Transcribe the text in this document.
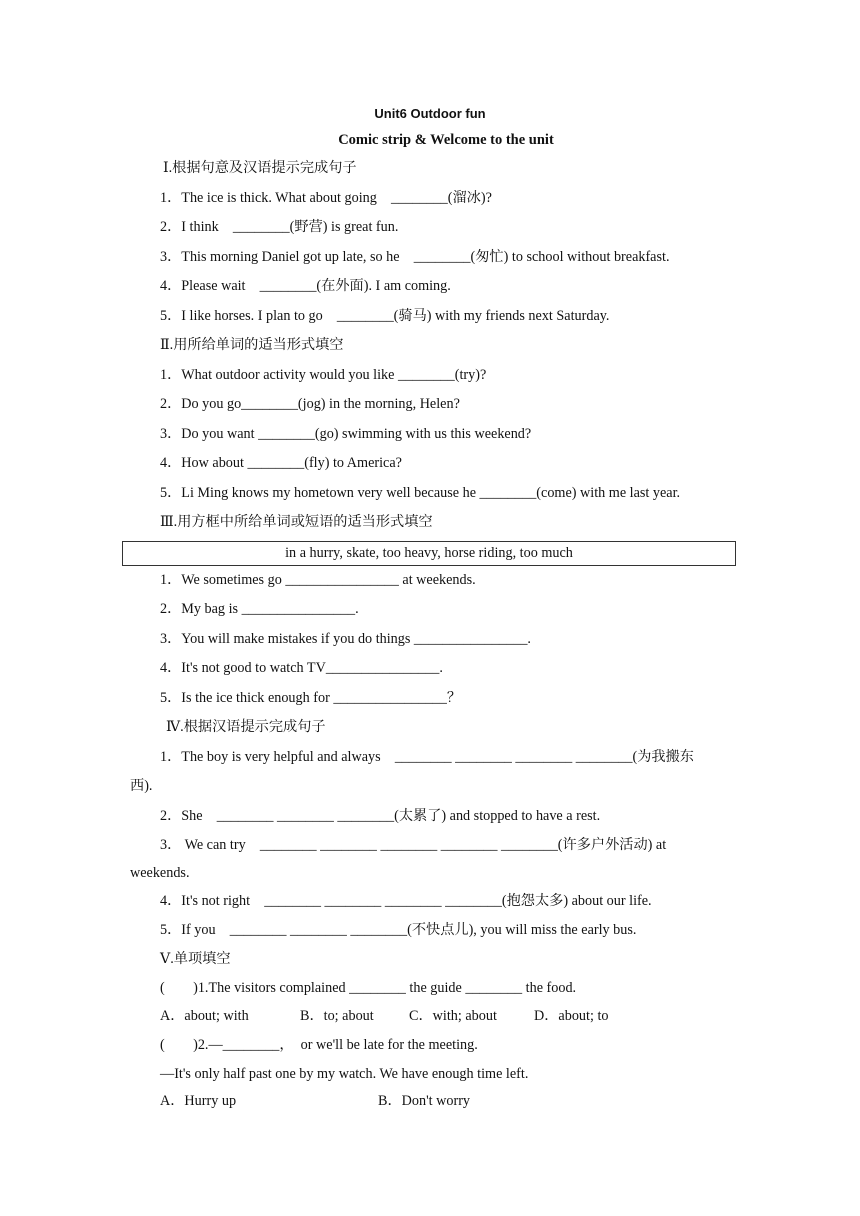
Unit6 Outdoor fun
Comic strip & Welcome to the unit
Ⅰ.根据句意及汉语提示完成句子
1．The ice is thick. What about going　________(溜冰)?
2．I think　________(野营) is great fun.
3．This morning Daniel got up late, so he　________(匆忙) to school without breakfast.
4．Please wait　________(在外面). I am coming.
5．I like horses. I plan to go　________(骑马) with my friends next Saturday.
Ⅱ.用所给单词的适当形式填空
1．What outdoor activity would you like ________(try)?
2．Do you go________(jog) in the morning, Helen?
3．Do you want ________(go) swimming with us this weekend?
4．How about ________(fly) to America?
5．Li Ming knows my hometown very well because he ________(come) with me last year.
Ⅲ.用方框中所给单词或短语的适当形式填空
in a hurry, skate, too heavy, horse riding, too much
1．We sometimes go ________________ at weekends.
2．My bag is ________________.
3．You will make mistakes if you do things ________________.
4．It's not good to watch TV________________.
5．Is the ice thick enough for ________________？
Ⅳ.根据汉语提示完成句子
1．The boy is very helpful and always　________ ________ ________ ________(为我搬东
西).
2．She　________ ________ ________(太累了) and stopped to have a rest.
3． We can try　________ ________ ________ ________ ________(许多户外活动) at
weekends.
4．It's not right　________ ________ ________ ________(抱怨太多) about our life.
5．If you　________ ________ ________(不快点儿), you will miss the early bus.
Ⅴ.单项填空
(　　)1.The visitors complained ________ the guide ________ the food.
A．about; with	B．to; about C．with; about	D．about; to
(　　)2.—________，　or we'll be late for the meeting.
—It's only half past one by my watch. We have enough time left.
A．Hurry up	B．Don't worry
